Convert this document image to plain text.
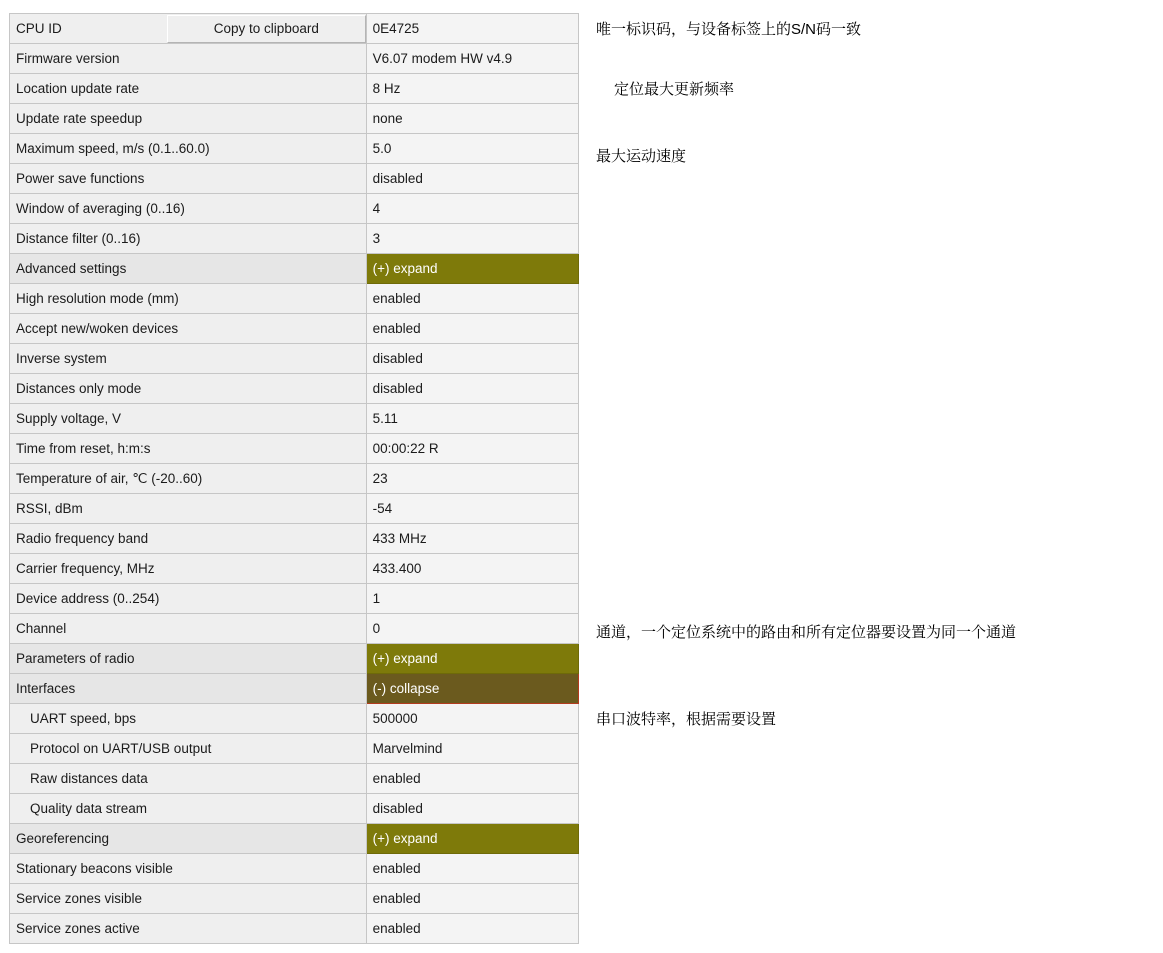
CPU ID Copy to clipboard	0E4725
Firmware version	V6.07 modem HW v4.9
Location update rate	8 Hz
Update rate speedup	none
Maximum speed, m/s (0.1..60.0)	5.0
Power save functions	disabled
Window of averaging (0..16)	4
Distance filter (0..16)	3
Advanced settings	(+) expand
High resolution mode (mm)	enabled
Accept new/woken devices	enabled
Inverse system	disabled
Distances only mode	disabled
Supply voltage, V	5.11
Time from reset, h:m:s	00:00:22 R
Temperature of air, ℃ (-20..60)	23
RSSI, dBm	-54
Radio frequency band	433 MHz
Carrier frequency, MHz	433.400
Device address (0..254)	1
Channel	0
Parameters of radio	(+) expand
Interfaces	(-) collapse
UART speed, bps	500000
Protocol on UART/USB output	Marvelmind
Raw distances data	enabled
Quality data stream	disabled
Georeferencing	(+) expand
Stationary beacons visible	enabled
Service zones visible	enabled
Service zones active	enabled
唯一标识码，与设备标签上的S/N码一致
定位最大更新频率
最大运动速度
通道，一个定位系统中的路由和所有定位器要设置为同一个通道
串口波特率，根据需要设置
